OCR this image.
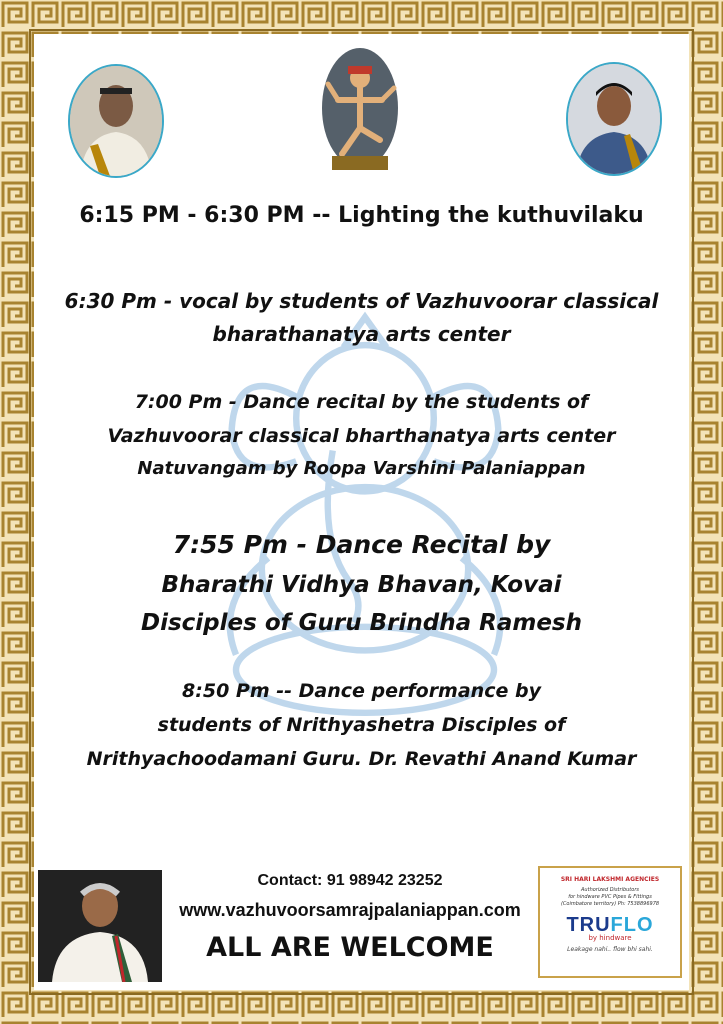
6:15 PM - 6:30 PM -- Lighting the kuthuvilaku

6:30 Pm - vocal by students of Vazhuvoorar classical

bharathanatya arts center

7:00 Pm - Dance recital by the students of

Vazhuvoorar classical bharthanatya arts center

Natuvangam by Roopa Varshini Palaniappan

7:55 Pm - Dance Recital by

Bharathi Vidhya Bhavan, Kovai

Disciples of Guru Brindha Ramesh

8:50 Pm -- Dance performance by

students of Nrithyashetra Disciples of

Nrithyachoodamani Guru. Dr. Revathi Anand Kumar

Contact: 91 98942 23252

www.vazhuvoorsamrajpalaniappan.com

ALL ARE WELCOME

SRI HARI LAKSHMI AGENCIES
Authorized Distributors
for hindware PVC Pipes & Fittings
(Coimbatore territory) Ph: 7538896978
TRUFLO
by hindware
Leakage nahi.. flow bhi sahi.
